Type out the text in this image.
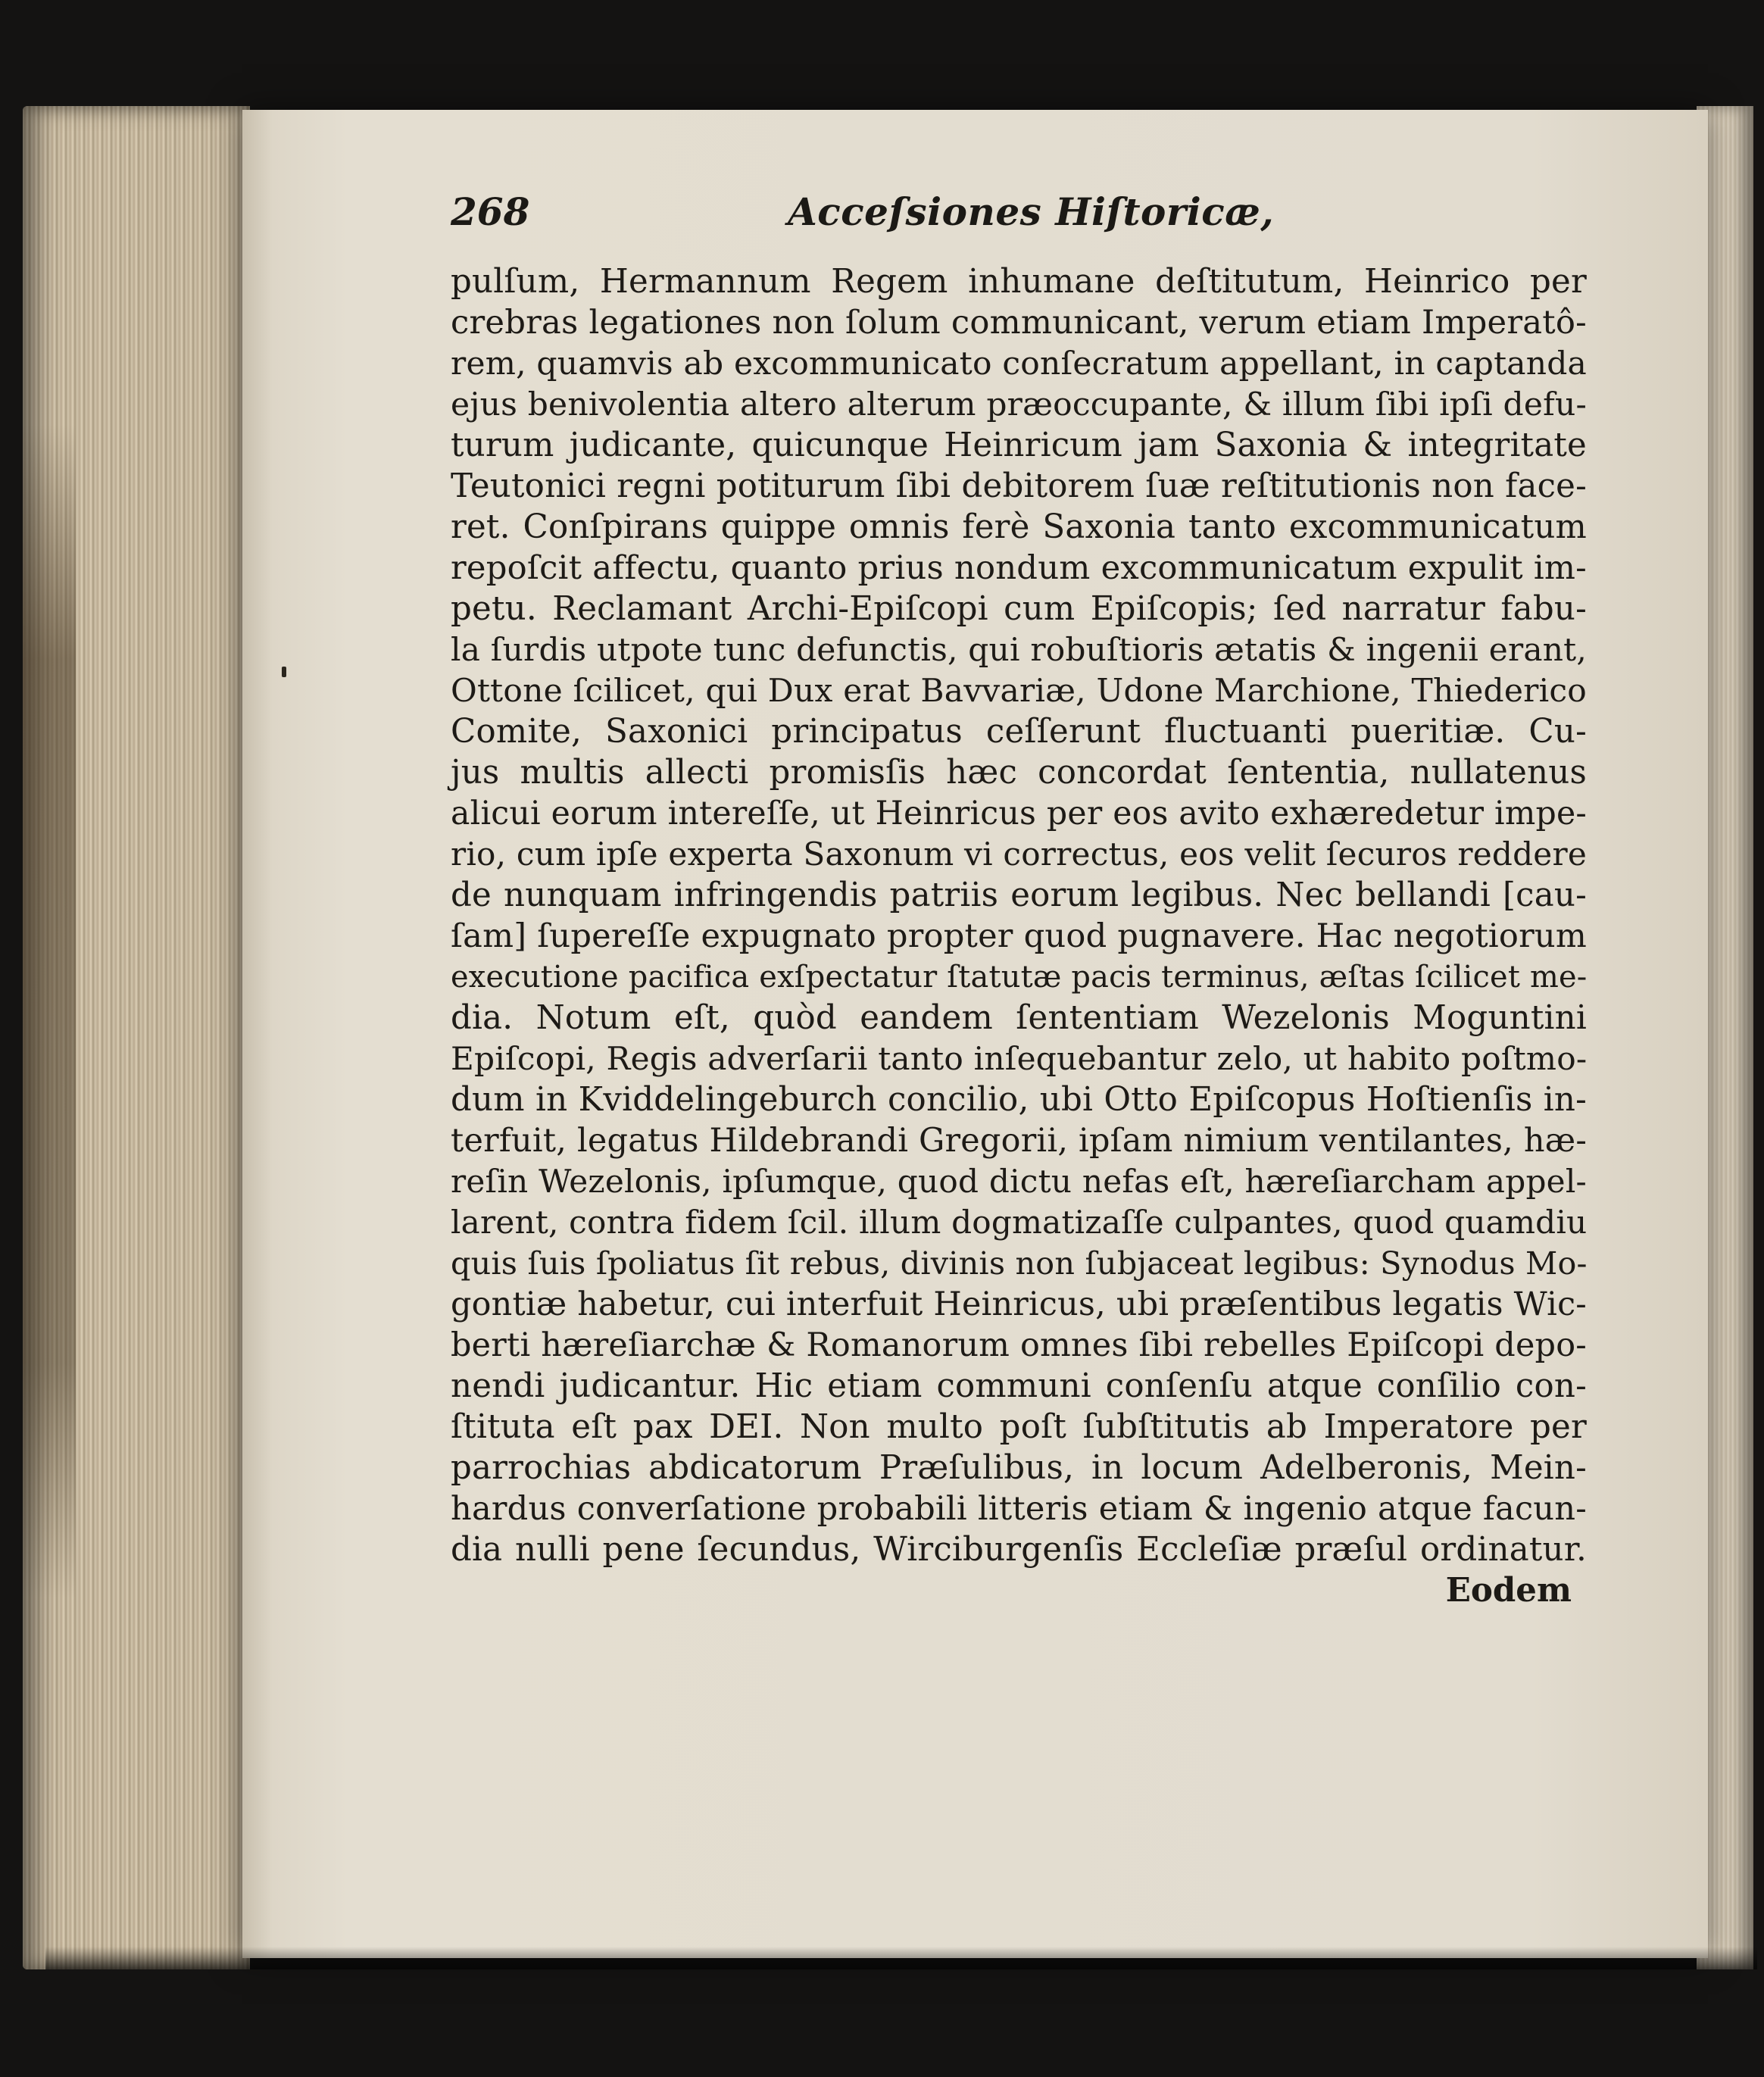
268	Acceſsiones Hiſtoricæ,
pulſum, Hermannum Regem inhumane deſtitutum, Heinrico per
crebras legationes non ſolum communicant, verum etiam Imperatô-
rem, quamvis ab excommunicato conſecratum appellant, in captanda
ejus benivolentia altero alterum præoccupante, & illum ſibi ipſi defu-
turum judicante, quicunque Heinricum jam Saxonia & integritate
Teutonici regni potiturum ſibi debitorem ſuæ reſtitutionis non face-
ret. Conſpirans quippe omnis ferè Saxonia tanto excommunicatum
repoſcit affectu, quanto prius nondum excommunicatum expulit im-
petu. Reclamant Archi-Epiſcopi cum Epiſcopis; ſed narratur fabu-
la ſurdis utpote tunc defunctis, qui robuſtioris ætatis & ingenii erant,
Ottone ſcilicet, qui Dux erat Bavvariæ, Udone Marchione, Thiederico
Comite, Saxonici principatus ceſſerunt fluctuanti pueritiæ. Cu-
jus multis allecti promisſis hæc concordat ſententia, nullatenus
alicui eorum intereſſe, ut Heinricus per eos avito exhæredetur impe-
rio, cum ipſe experta Saxonum vi correctus, eos velit ſecuros reddere
de nunquam infringendis patriis eorum legibus. Nec bellandi [cau-
ſam] ſupereſſe expugnato propter quod pugnavere. Hac negotiorum
executione pacifica exſpectatur ſtatutæ pacis terminus, æſtas ſcilicet me-
dia. Notum eſt, quòd eandem ſententiam Wezelonis Moguntini
Epiſcopi, Regis adverſarii tanto inſequebantur zelo, ut habito poſtmo-
dum in Kviddelingeburch concilio, ubi Otto Epiſcopus Hoſtienſis in-
terfuit, legatus Hildebrandi Gregorii, ipſam nimium ventilantes, hæ-
reſin Wezelonis, ipſumque, quod dictu nefas eſt, hæreſiarcham appel-
larent, contra fidem ſcil. illum dogmatizaſſe culpantes, quod quamdiu
quis ſuis ſpoliatus ſit rebus, divinis non ſubjaceat legibus: Synodus Mo-
gontiæ habetur, cui interfuit Heinricus, ubi præſentibus legatis Wic-
berti hæreſiarchæ & Romanorum omnes ſibi rebelles Epiſcopi depo-
nendi judicantur. Hic etiam communi conſenſu atque conſilio con-
ſtituta eſt pax DEI. Non multo poſt ſubſtitutis ab Imperatore per
parrochias abdicatorum Præſulibus, in locum Adelberonis, Mein-
hardus converſatione probabili litteris etiam & ingenio atque facun-
dia nulli pene ſecundus, Wirciburgenſis Eccleſiæ præſul ordinatur.
Eodem
